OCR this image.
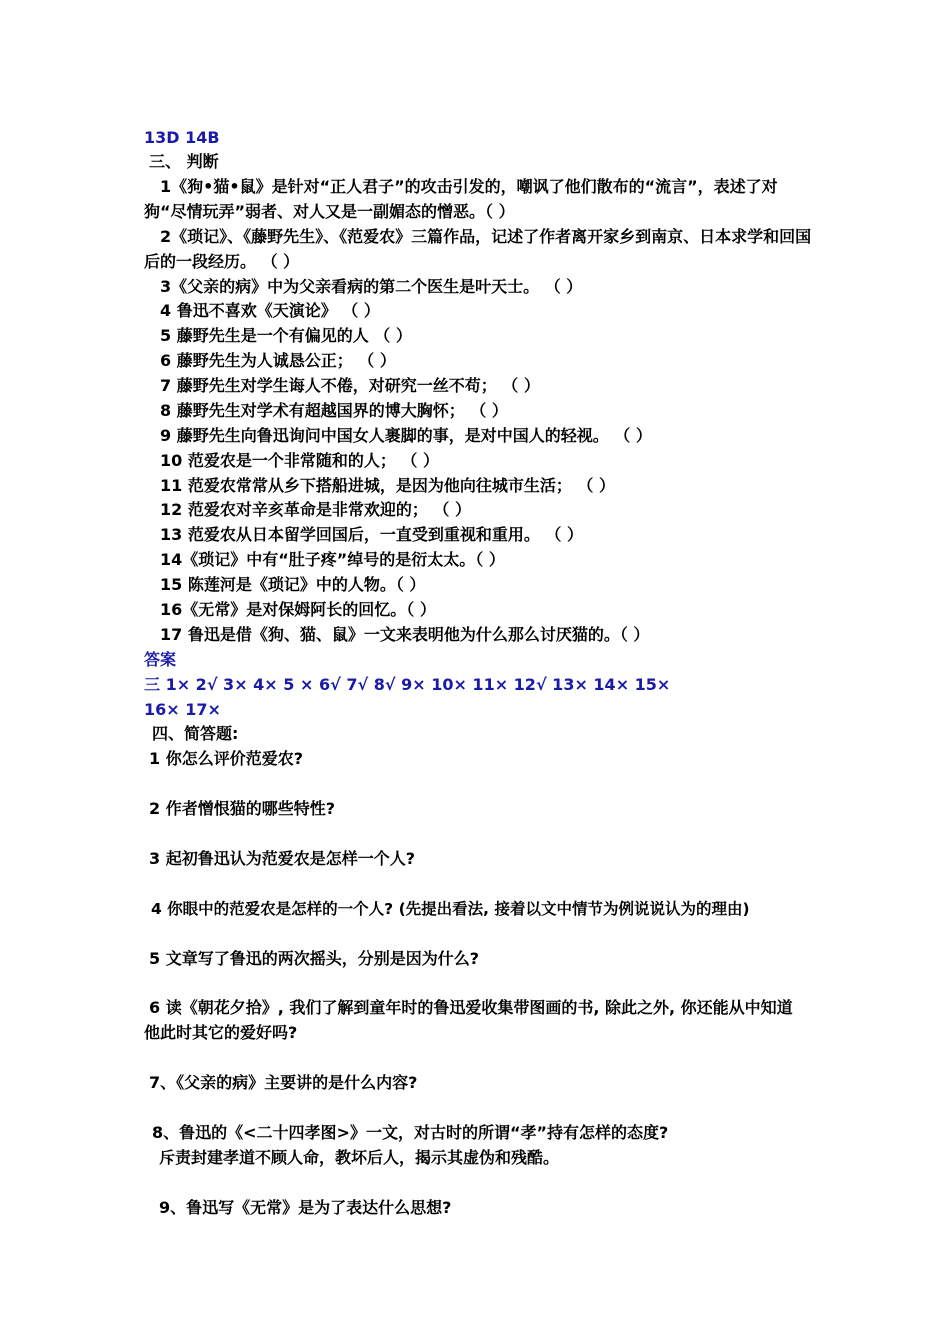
13D 14B
三、 判断
1《狗•猫•鼠》是针对“正人君子”的攻击引发的，嘲讽了他们散布的“流言”，表述了对
狗“尽情玩弄”弱者、对人又是一副媚态的憎恶。（ ）
2《琐记》、《藤野先生》、《范爱农》三篇作品，记述了作者离开家乡到南京、日本求学和回国
后的一段经历。 （ ）
3《父亲的病》中为父亲看病的第二个医生是叶天士。 （ ）
4 鲁迅不喜欢《天演论》 （ ）
5 藤野先生是一个有偏见的人 （ ）
6 藤野先生为人诚恳公正； （ ）
7 藤野先生对学生诲人不倦，对研究一丝不苟； （ ）
8 藤野先生对学术有超越国界的博大胸怀； （ ）
9 藤野先生向鲁迅询问中国女人裹脚的事，是对中国人的轻视。 （ ）
10 范爱农是一个非常随和的人； （ ）
11 范爱农常常从乡下搭船进城，是因为他向往城市生活； （ ）
12 范爱农对辛亥革命是非常欢迎的； （ ）
13 范爱农从日本留学回国后，一直受到重视和重用。 （ ）
14《琐记》中有“肚子疼”绰号的是衍太太。（ ）
15 陈莲河是《琐记》中的人物。（ ）
16《无常》是对保姆阿长的回忆。（ ）
17 鲁迅是借《狗、猫、鼠》一文来表明他为什么那么讨厌猫的。（ ）
答案
三 1× 2√ 3× 4× 5 × 6√ 7√ 8√ 9× 10× 11× 12√ 13× 14× 15×
16× 17×
四、简答题:
1 你怎么评价范爱农?
2 作者憎恨猫的哪些特性?
3 起初鲁迅认为范爱农是怎样一个人?
4 你眼中的范爱农是怎样的一个人? (先提出看法, 接着以文中情节为例说说认为的理由)
5 文章写了鲁迅的两次摇头，分别是因为什么?
6 读《朝花夕拾》, 我们了解到童年时的鲁迅爱收集带图画的书, 除此之外, 你还能从中知道
他此时其它的爱好吗?
7、《父亲的病》主要讲的是什么内容?
8、鲁迅的《<二十四孝图>》一文，对古时的所谓“孝”持有怎样的态度?
斥责封建孝道不顾人命，教坏后人，揭示其虚伪和残酷。
9、鲁迅写《无常》是为了表达什么思想?
